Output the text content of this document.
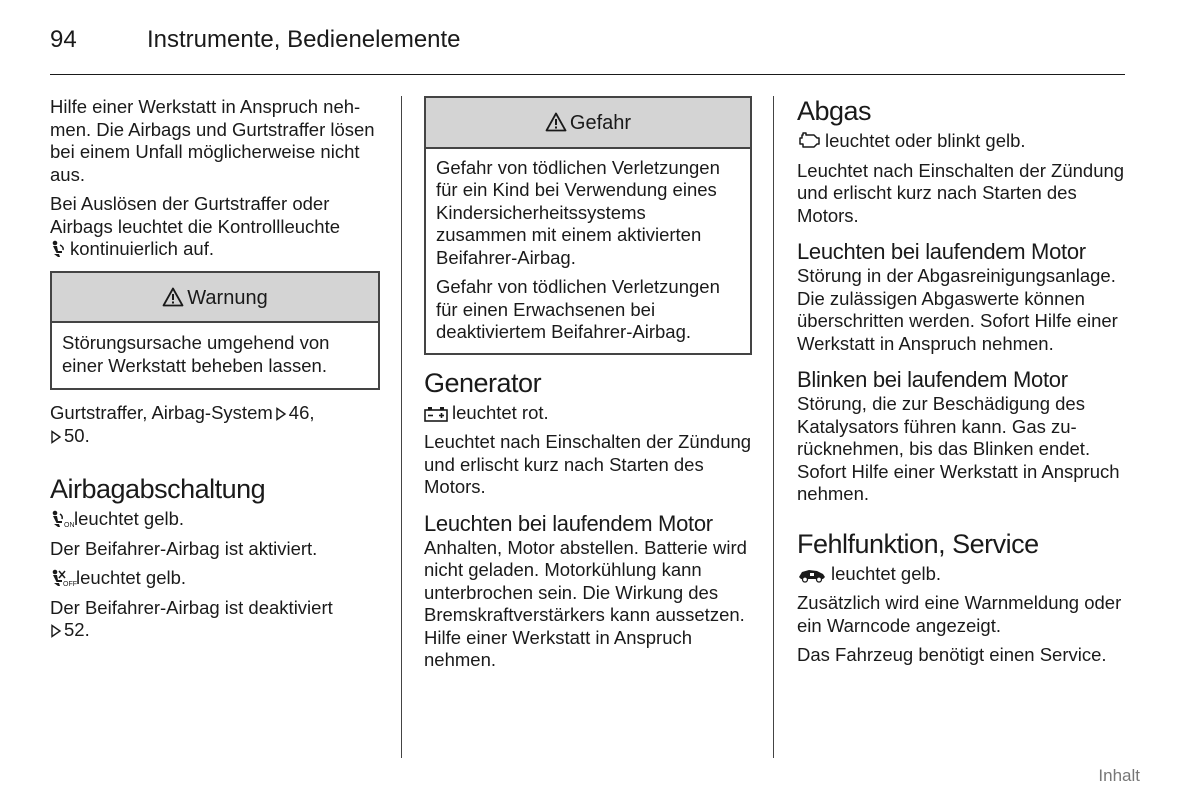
94	Instrumente, Bedienelemente

Hilfe einer Werkstatt in Anspruch nehmen. Die Airbags und Gurtstraffer lösen bei einem Unfall möglicherweise nicht aus.

Bei Auslösen der Gurtstraffer oder Airbags leuchtet die Kontrollleuchte
kontinuierlich auf.

Warnung

Störungsursache umgehend von einer Werkstatt beheben lassen.

Gurtstraffer, Airbag-System 46,
50.

Airbagabschaltung

ON leuchtet gelb.

Der Beifahrer-Airbag ist aktiviert.

OFF leuchtet gelb.

Der Beifahrer-Airbag ist deaktiviert
52.

Gefahr

Gefahr von tödlichen Verletzungen für ein Kind bei Verwendung eines Kindersicherheitssystems zusammen mit einem aktivierten Beifahrer-Airbag.

Gefahr von tödlichen Verletzungen für einen Erwachsenen bei deaktiviertem Beifahrer-Airbag.

Generator

leuchtet rot.

Leuchtet nach Einschalten der Zündung und erlischt kurz nach Starten des Motors.

Leuchten bei laufendem Motor

Anhalten, Motor abstellen. Batterie wird nicht geladen. Motorkühlung kann unterbrochen sein. Die Wirkung des Bremskraftverstärkers kann aussetzen. Hilfe einer Werkstatt in Anspruch nehmen.

Abgas

leuchtet oder blinkt gelb.

Leuchtet nach Einschalten der Zündung und erlischt kurz nach Starten des Motors.

Leuchten bei laufendem Motor

Störung in der Abgasreinigungsanlage. Die zulässigen Abgaswerte können überschritten werden. Sofort Hilfe einer Werkstatt in Anspruch nehmen.

Blinken bei laufendem Motor

Störung, die zur Beschädigung des Katalysators führen kann. Gas zurücknehmen, bis das Blinken endet. Sofort Hilfe einer Werkstatt in Anspruch nehmen.

Fehlfunktion, Service

leuchtet gelb.

Zusätzlich wird eine Warnmeldung oder ein Warncode angezeigt.

Das Fahrzeug benötigt einen Service.

Inhalt
